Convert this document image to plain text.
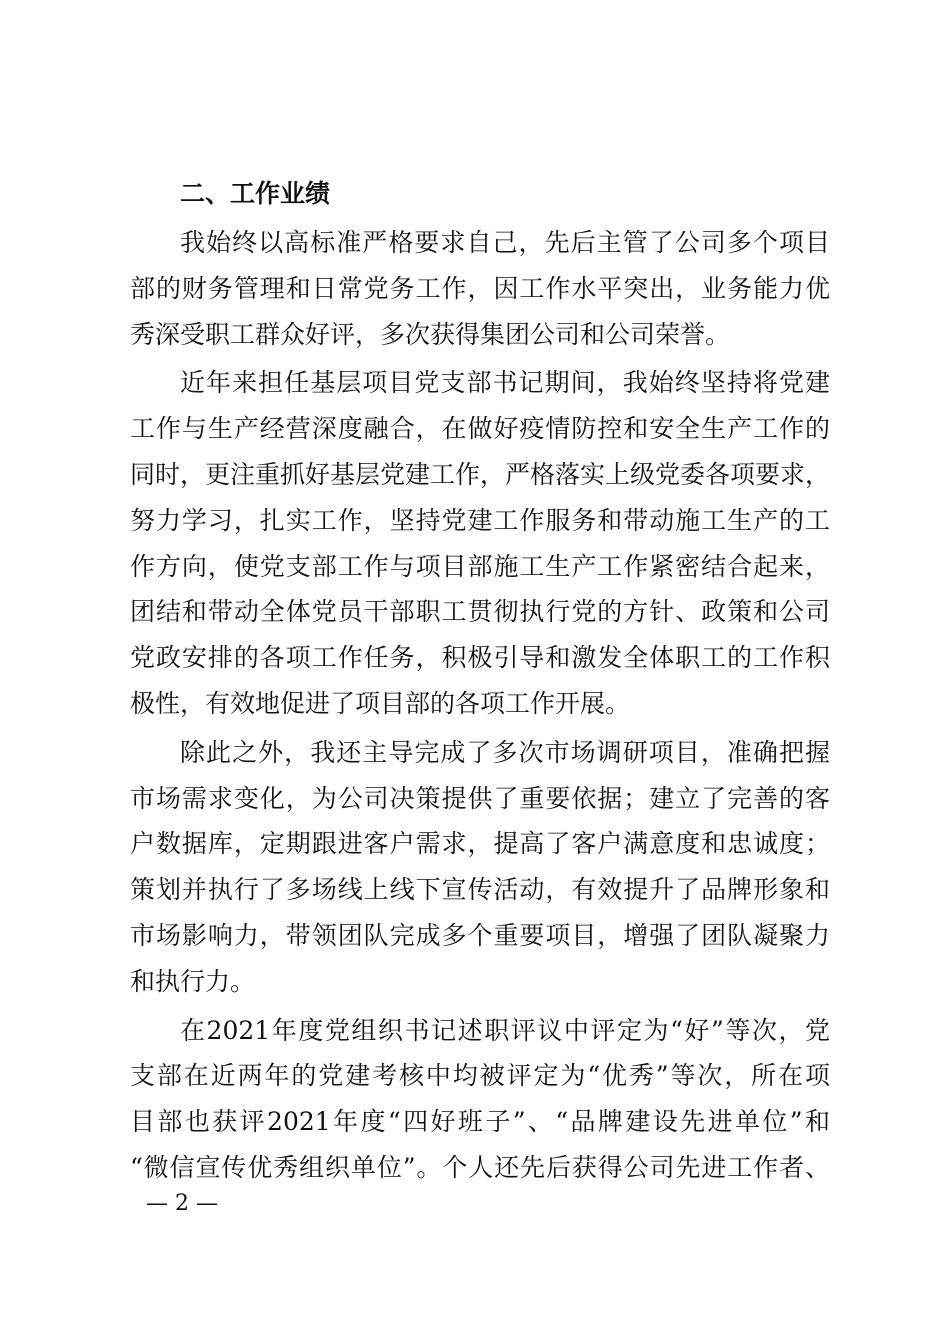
二、工作业绩

我始终以高标准严格要求自己，先后主管了公司多个项目
部的财务管理和日常党务工作，因工作水平突出，业务能力优
秀深受职工群众好评，多次获得集团公司和公司荣誉。

近年来担任基层项目党支部书记期间，我始终坚持将党建
工作与生产经营深度融合，在做好疫情防控和安全生产工作的
同时，更注重抓好基层党建工作，严格落实上级党委各项要求，
努力学习，扎实工作，坚持党建工作服务和带动施工生产的工
作方向，使党支部工作与项目部施工生产工作紧密结合起来，
团结和带动全体党员干部职工贯彻执行党的方针、政策和公司
党政安排的各项工作任务，积极引导和激发全体职工的工作积
极性，有效地促进了项目部的各项工作开展。

除此之外，我还主导完成了多次市场调研项目，准确把握
市场需求变化，为公司决策提供了重要依据；建立了完善的客
户数据库，定期跟进客户需求，提高了客户满意度和忠诚度；
策划并执行了多场线上线下宣传活动，有效提升了品牌形象和
市场影响力，带领团队完成多个重要项目，增强了团队凝聚力
和执行力。

在2021年度党组织书记述职评议中评定为“好”等次，党
支部在近两年的党建考核中均被评定为“优秀”等次，所在项
目部也获评2021年度“四好班子”、“品牌建设先进单位”和
“微信宣传优秀组织单位”。个人还先后获得公司先进工作者、

— 2 —
